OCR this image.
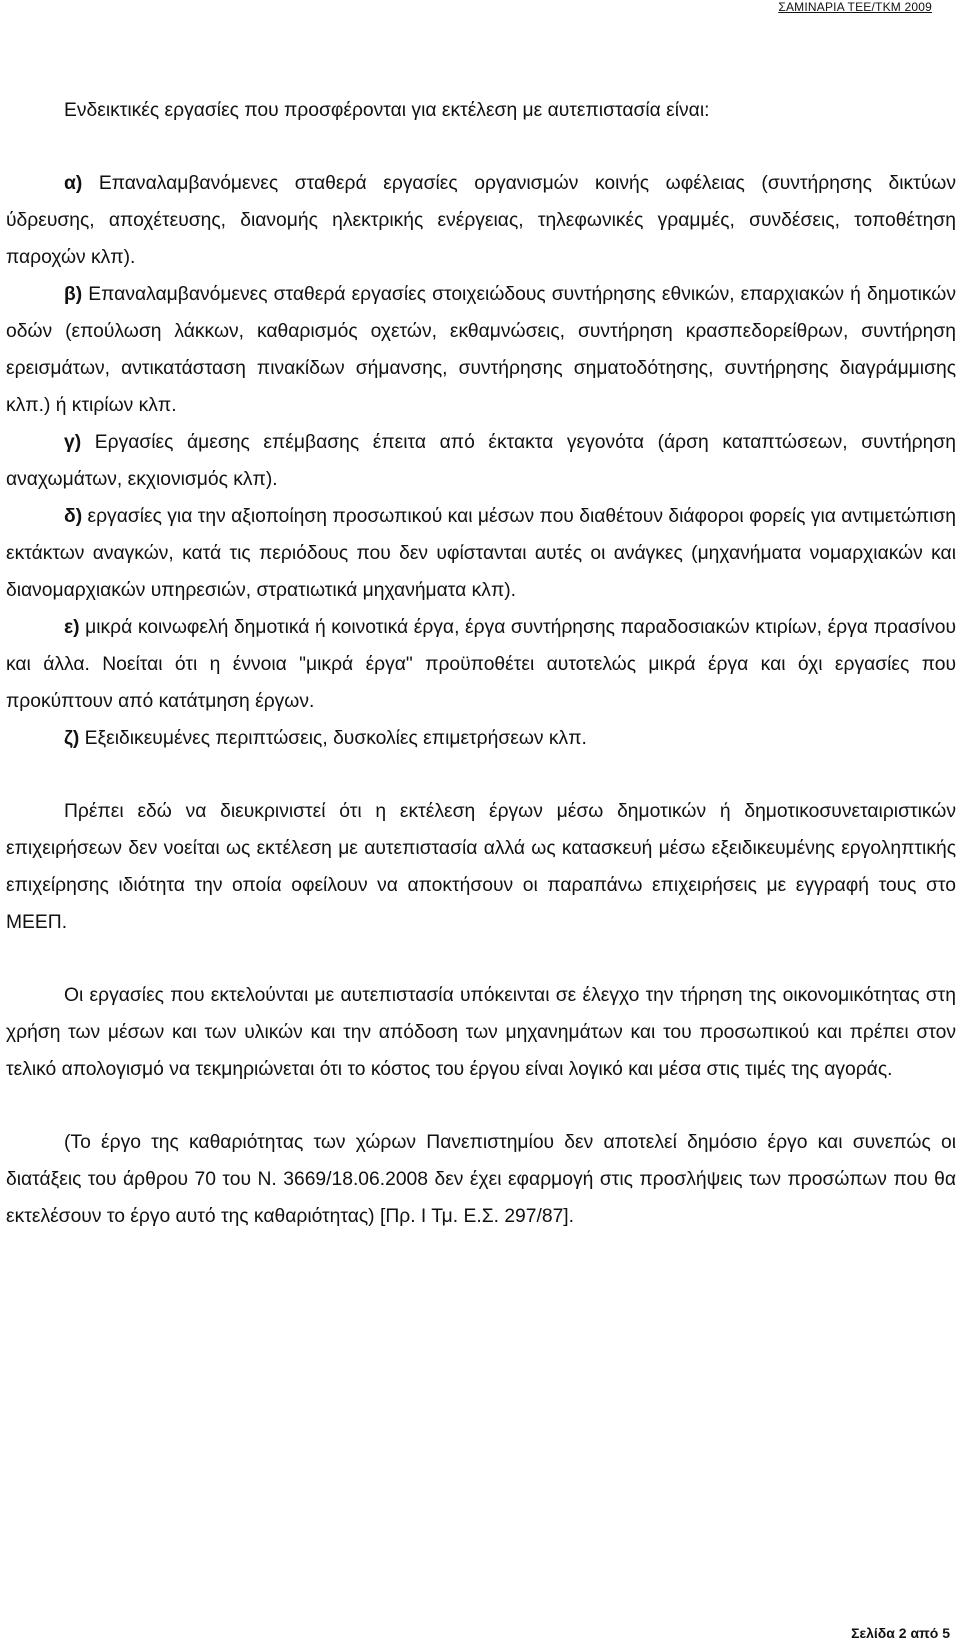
ΣΑΜΙΝΑΡΙΑ ΤΕΕ/ΤΚΜ 2009

Ενδεικτικές εργασίες που προσφέρονται για εκτέλεση με αυτεπιστασία είναι:

α) Επαναλαμβανόμενες σταθερά εργασίες οργανισμών κοινής ωφέλειας (συντήρησης δικτύων ύδρευσης, αποχέτευσης, διανομής ηλεκτρικής ενέργειας, τηλεφωνικές γραμμές, συνδέσεις, τοποθέτηση παροχών κλπ).

β) Επαναλαμβανόμενες σταθερά εργασίες στοιχειώδους συντήρησης εθνικών, επαρχιακών ή δημοτικών οδών (επούλωση λάκκων, καθαρισμός οχετών, εκθαμνώσεις, συντήρηση κρασπεδορείθρων, συντήρηση ερεισμάτων, αντικατάσταση πινακίδων σήμανσης, συντήρησης σηματοδότησης, συντήρησης διαγράμμισης κλπ.) ή κτιρίων κλπ.

γ) Εργασίες άμεσης επέμβασης έπειτα από έκτακτα γεγονότα (άρση καταπτώσεων, συντήρηση αναχωμάτων, εκχιονισμός κλπ).

δ) εργασίες για την αξιοποίηση προσωπικού και μέσων που διαθέτουν διάφοροι φορείς για αντιμετώπιση εκτάκτων αναγκών, κατά τις περιόδους που δεν υφίστανται αυτές οι ανάγκες (μηχανήματα νομαρχιακών και διανομαρχιακών υπηρεσιών, στρατιωτικά μηχανήματα κλπ).

ε) μικρά κοινωφελή δημοτικά ή κοινοτικά έργα, έργα συντήρησης παραδοσιακών κτιρίων, έργα πρασίνου και άλλα. Νοείται ότι η έννοια "μικρά έργα" προϋποθέτει αυτοτελώς μικρά έργα και όχι εργασίες που προκύπτουν από κατάτμηση έργων.

ζ) Εξειδικευμένες περιπτώσεις, δυσκολίες επιμετρήσεων κλπ.

Πρέπει εδώ να διευκρινιστεί ότι η εκτέλεση έργων μέσω δημοτικών ή δημοτικοσυνεταιριστικών επιχειρήσεων δεν νοείται ως εκτέλεση με αυτεπιστασία αλλά ως κατασκευή μέσω εξειδικευμένης εργοληπτικής επιχείρησης ιδιότητα την οποία οφείλουν να αποκτήσουν οι παραπάνω επιχειρήσεις με εγγραφή τους στο ΜΕΕΠ.

Οι εργασίες που εκτελούνται με αυτεπιστασία υπόκεινται σε έλεγχο την τήρηση της οικονομικότητας στη χρήση των μέσων και των υλικών και την απόδοση των μηχανημάτων και του προσωπικού και πρέπει στον τελικό απολογισμό να τεκμηριώνεται ότι το κόστος του έργου είναι λογικό και μέσα στις τιμές της αγοράς.

(Το έργο της καθαριότητας των χώρων Πανεπιστημίου δεν αποτελεί δημόσιο έργο και συνεπώς οι διατάξεις του άρθρου 70 του Ν. 3669/18.06.2008 δεν έχει εφαρμογή στις προσλήψεις των προσώπων που θα εκτελέσουν το έργο αυτό της καθαριότητας) [Πρ. Ι Τμ. Ε.Σ. 297/87].

Σελίδα 2 από 5
